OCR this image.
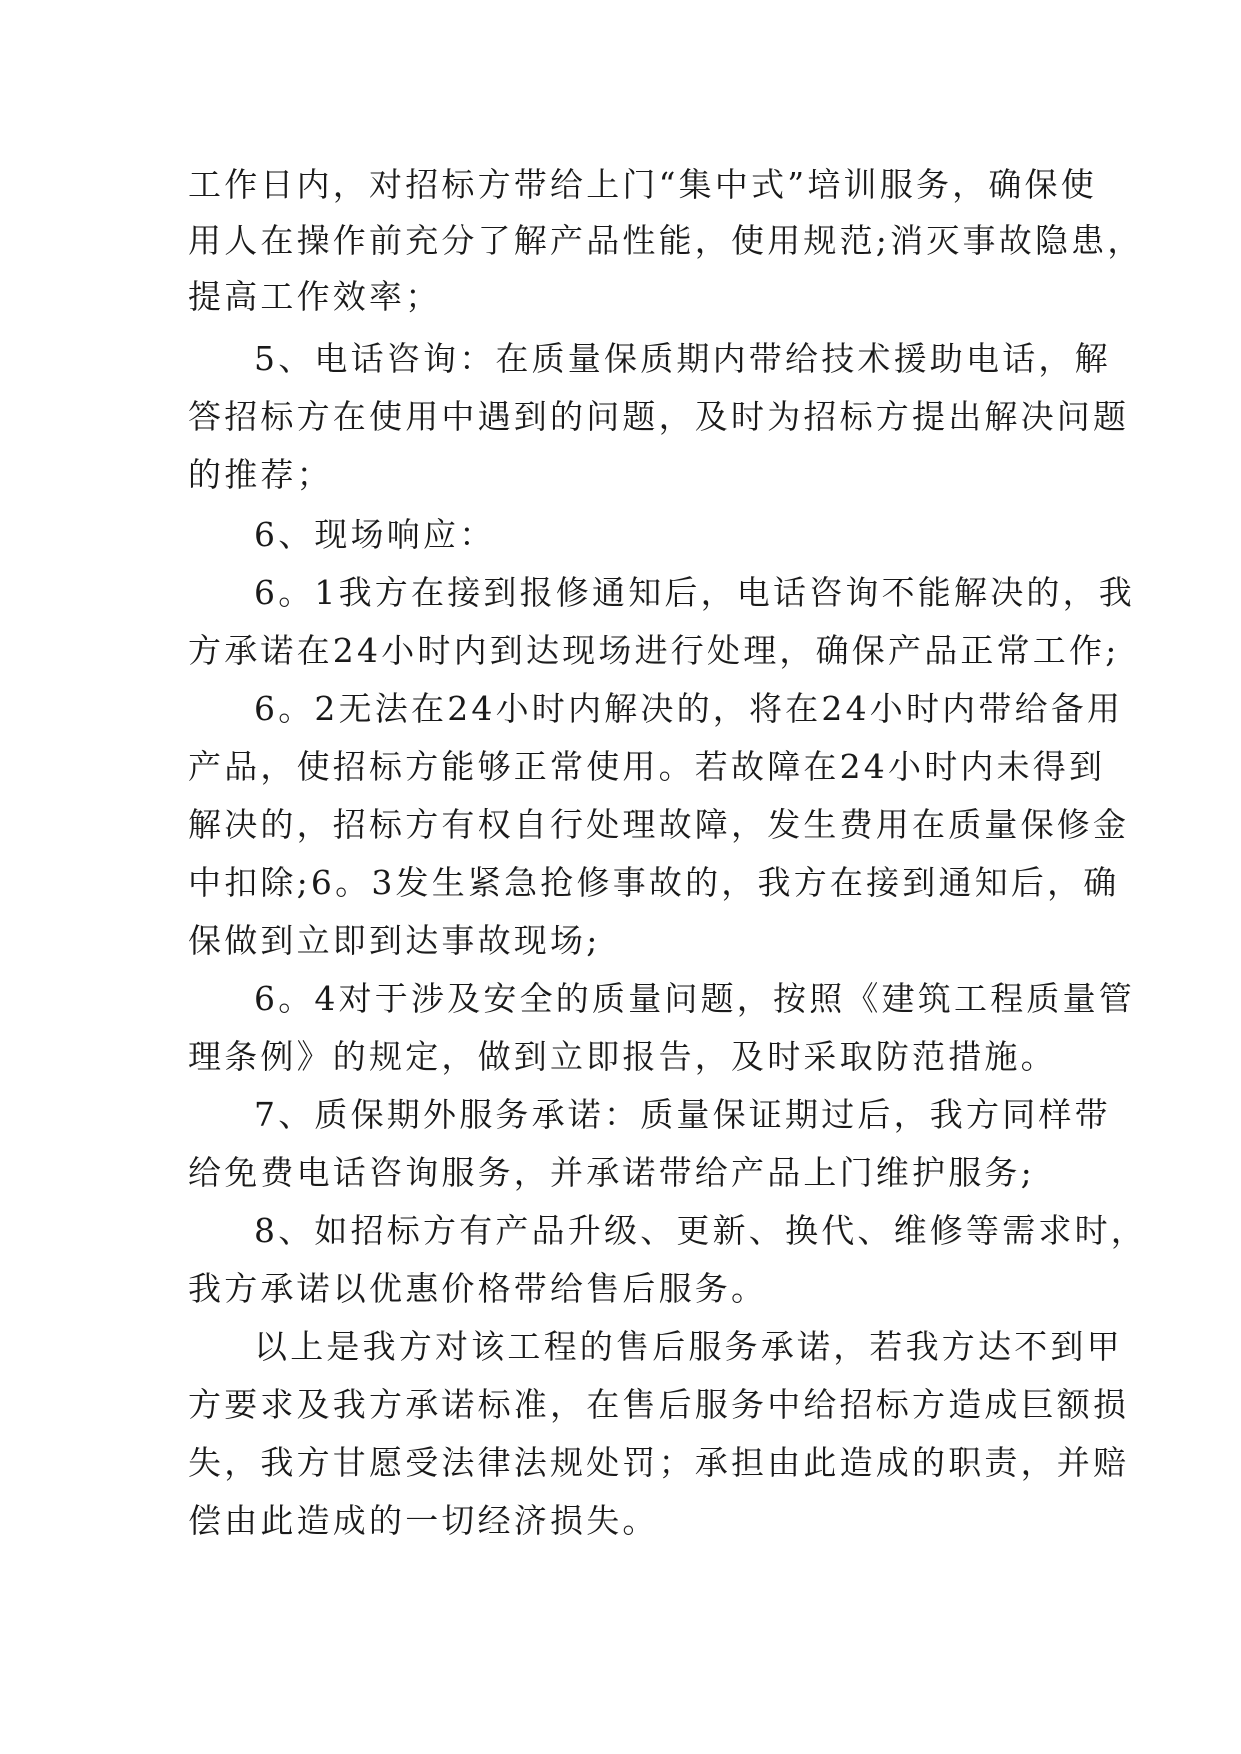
工作日内，对招标方带给上门“集中式”培训服务，确保使
用人在操作前充分了解产品性能，使用规范;消灭事故隐患，
提高工作效率；
5、电话咨询：在质量保质期内带给技术援助电话，解
答招标方在使用中遇到的问题，及时为招标方提出解决问题
的推荐；
6、现场响应：
6。1我方在接到报修通知后，电话咨询不能解决的，我
方承诺在24小时内到达现场进行处理，确保产品正常工作;
6。2无法在24小时内解决的，将在24小时内带给备用
产品，使招标方能够正常使用。若故障在24小时内未得到
解决的，招标方有权自行处理故障，发生费用在质量保修金
中扣除;6。3发生紧急抢修事故的，我方在接到通知后，确
保做到立即到达事故现场;
6。4对于涉及安全的质量问题，按照《建筑工程质量管
理条例》的规定，做到立即报告，及时采取防范措施。
7、质保期外服务承诺：质量保证期过后，我方同样带
给免费电话咨询服务，并承诺带给产品上门维护服务;
8、如招标方有产品升级、更新、换代、维修等需求时，
我方承诺以优惠价格带给售后服务。
以上是我方对该工程的售后服务承诺，若我方达不到甲
方要求及我方承诺标准，在售后服务中给招标方造成巨额损
失，我方甘愿受法律法规处罚；承担由此造成的职责，并赔
偿由此造成的一切经济损失。
